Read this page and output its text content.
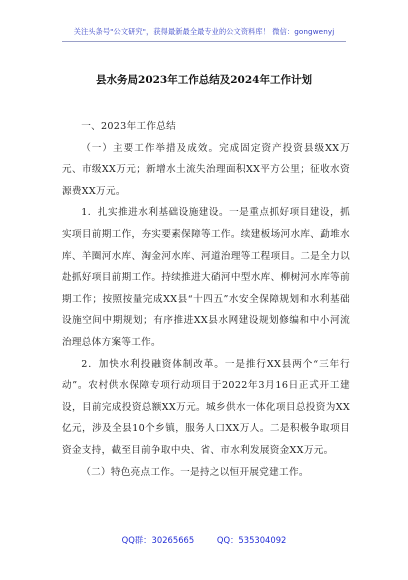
关注头条号"公文研究"，获得最新最全最专业的公文资料库！ 微信：gongwenyj
县水务局2023年工作总结及2024年工作计划

一、2023年工作总结

（一）主要工作举措及成效。完成固定资产投资县级XX万元、市级XX万元；新增水土流失治理面积XX平方公里；征收水资源费XX万元。

1．扎实推进水利基础设施建设。一是重点抓好项目建设，抓实项目前期工作，夯实要素保障等工作。续建板场河水库、勐堆水库、羊圈河水库、淘金河水库、河道治理等工程项目。二是全力以赴抓好项目前期工作。持续推进大硝河中型水库、柳树河水库等前期工作；按照按量完成XX县“十四五”水安全保障规划和水利基础设施空间中期规划；有序推进XX县水网建设规划修编和中小河流治理总体方案等工作。

2．加快水利投融资体制改革。一是推行XX县两个“三年行动”。农村供水保障专项行动项目于2022年3月16日正式开工建设，目前完成投资总额XX万元。城乡供水一体化项目总投资为XX亿元，涉及全县10个乡镇，服务人口XX万人。二是积极争取项目资金支持，截至目前争取中央、省、市水利发展资金XX万元。

（二）特色亮点工作。一是持之以恒开展党建工作。

QQ群：30265665	QQ：535304092
